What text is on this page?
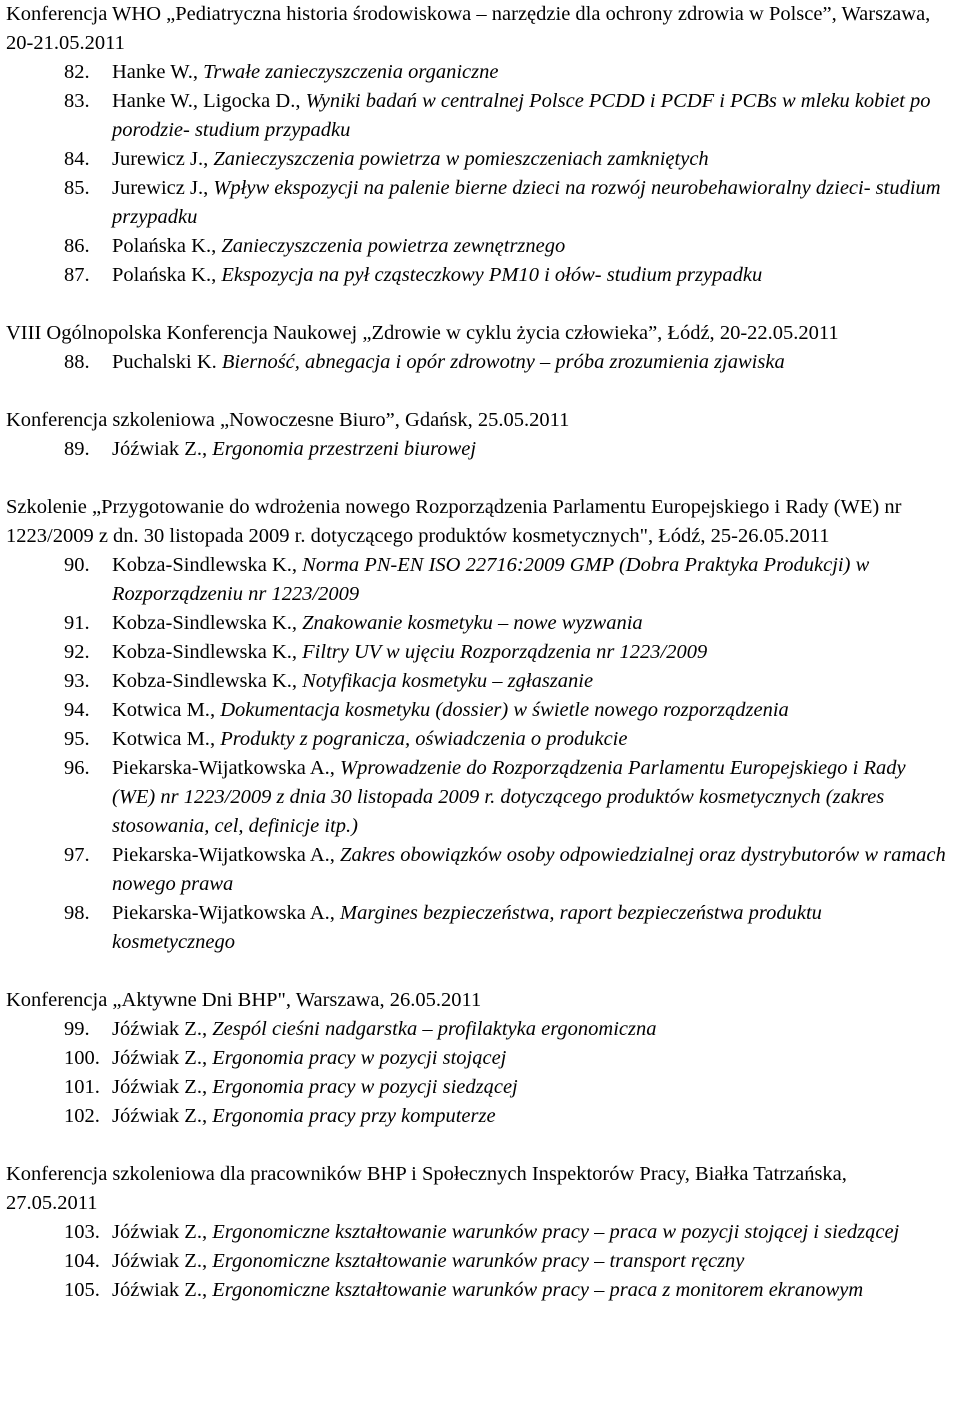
Konferencja WHO „Pediatryczna historia środowiskowa – narzędzie dla ochrony zdrowia w Polsce”, Warszawa, 20-21.05.2011

82. Hanke W., Trwałe zanieczyszczenia organiczne
83. Hanke W., Ligocka D., Wyniki badań w centralnej Polsce PCDD i PCDF i PCBs w mleku kobiet po porodzie- studium przypadku
84. Jurewicz J., Zanieczyszczenia powietrza w pomieszczeniach zamkniętych
85. Jurewicz J., Wpływ ekspozycji na palenie bierne dzieci na rozwój neurobehawioralny dzieci- studium przypadku
86. Polańska K., Zanieczyszczenia powietrza zewnętrznego
87. Polańska K., Ekspozycja na pył cząsteczkowy PM10 i ołów- studium przypadku

VIII Ogólnopolska Konferencja Naukowej „Zdrowie w cyklu życia człowieka”, Łódź, 20-22.05.2011

88. Puchalski K. Bierność, abnegacja i opór zdrowotny – próba zrozumienia zjawiska

Konferencja szkoleniowa „Nowoczesne Biuro”, Gdańsk, 25.05.2011

89. Jóźwiak Z., Ergonomia przestrzeni biurowej

Szkolenie „Przygotowanie do wdrożenia nowego Rozporządzenia Parlamentu Europejskiego i Rady (WE) nr 1223/2009 z dn. 30 listopada 2009 r. dotyczącego produktów kosmetycznych", Łódź, 25-26.05.2011

90. Kobza-Sindlewska K., Norma PN-EN ISO 22716:2009 GMP (Dobra Praktyka Produkcji) w Rozporządzeniu nr 1223/2009
91. Kobza-Sindlewska K., Znakowanie kosmetyku – nowe wyzwania
92. Kobza-Sindlewska K., Filtry UV w ujęciu Rozporządzenia nr 1223/2009
93. Kobza-Sindlewska K., Notyfikacja kosmetyku – zgłaszanie
94. Kotwica M., Dokumentacja kosmetyku (dossier) w świetle nowego rozporządzenia
95. Kotwica M., Produkty z pogranicza, oświadczenia o produkcie
96. Piekarska-Wijatkowska A., Wprowadzenie do Rozporządzenia Parlamentu Europejskiego i Rady (WE) nr 1223/2009 z dnia 30 listopada 2009 r. dotyczącego produktów kosmetycznych (zakres stosowania, cel, definicje itp.)
97. Piekarska-Wijatkowska A., Zakres obowiązków osoby odpowiedzialnej oraz dystrybutorów w ramach nowego prawa
98. Piekarska-Wijatkowska A., Margines bezpieczeństwa, raport bezpieczeństwa produktu kosmetycznego

Konferencja „Aktywne Dni BHP", Warszawa, 26.05.2011

99. Jóźwiak Z., Zespól cieśni nadgarstka – profilaktyka ergonomiczna
100. Jóźwiak Z., Ergonomia pracy w pozycji stojącej
101. Jóźwiak Z., Ergonomia pracy w pozycji siedzącej
102. Jóźwiak Z., Ergonomia pracy przy komputerze

Konferencja szkoleniowa dla pracowników BHP i Społecznych Inspektorów Pracy, Białka Tatrzańska, 27.05.2011

103. Jóźwiak Z., Ergonomiczne kształtowanie warunków pracy – praca w pozycji stojącej i siedzącej
104. Jóźwiak Z., Ergonomiczne kształtowanie warunków pracy – transport ręczny
105. Jóźwiak Z., Ergonomiczne kształtowanie warunków pracy – praca z monitorem ekranowym
